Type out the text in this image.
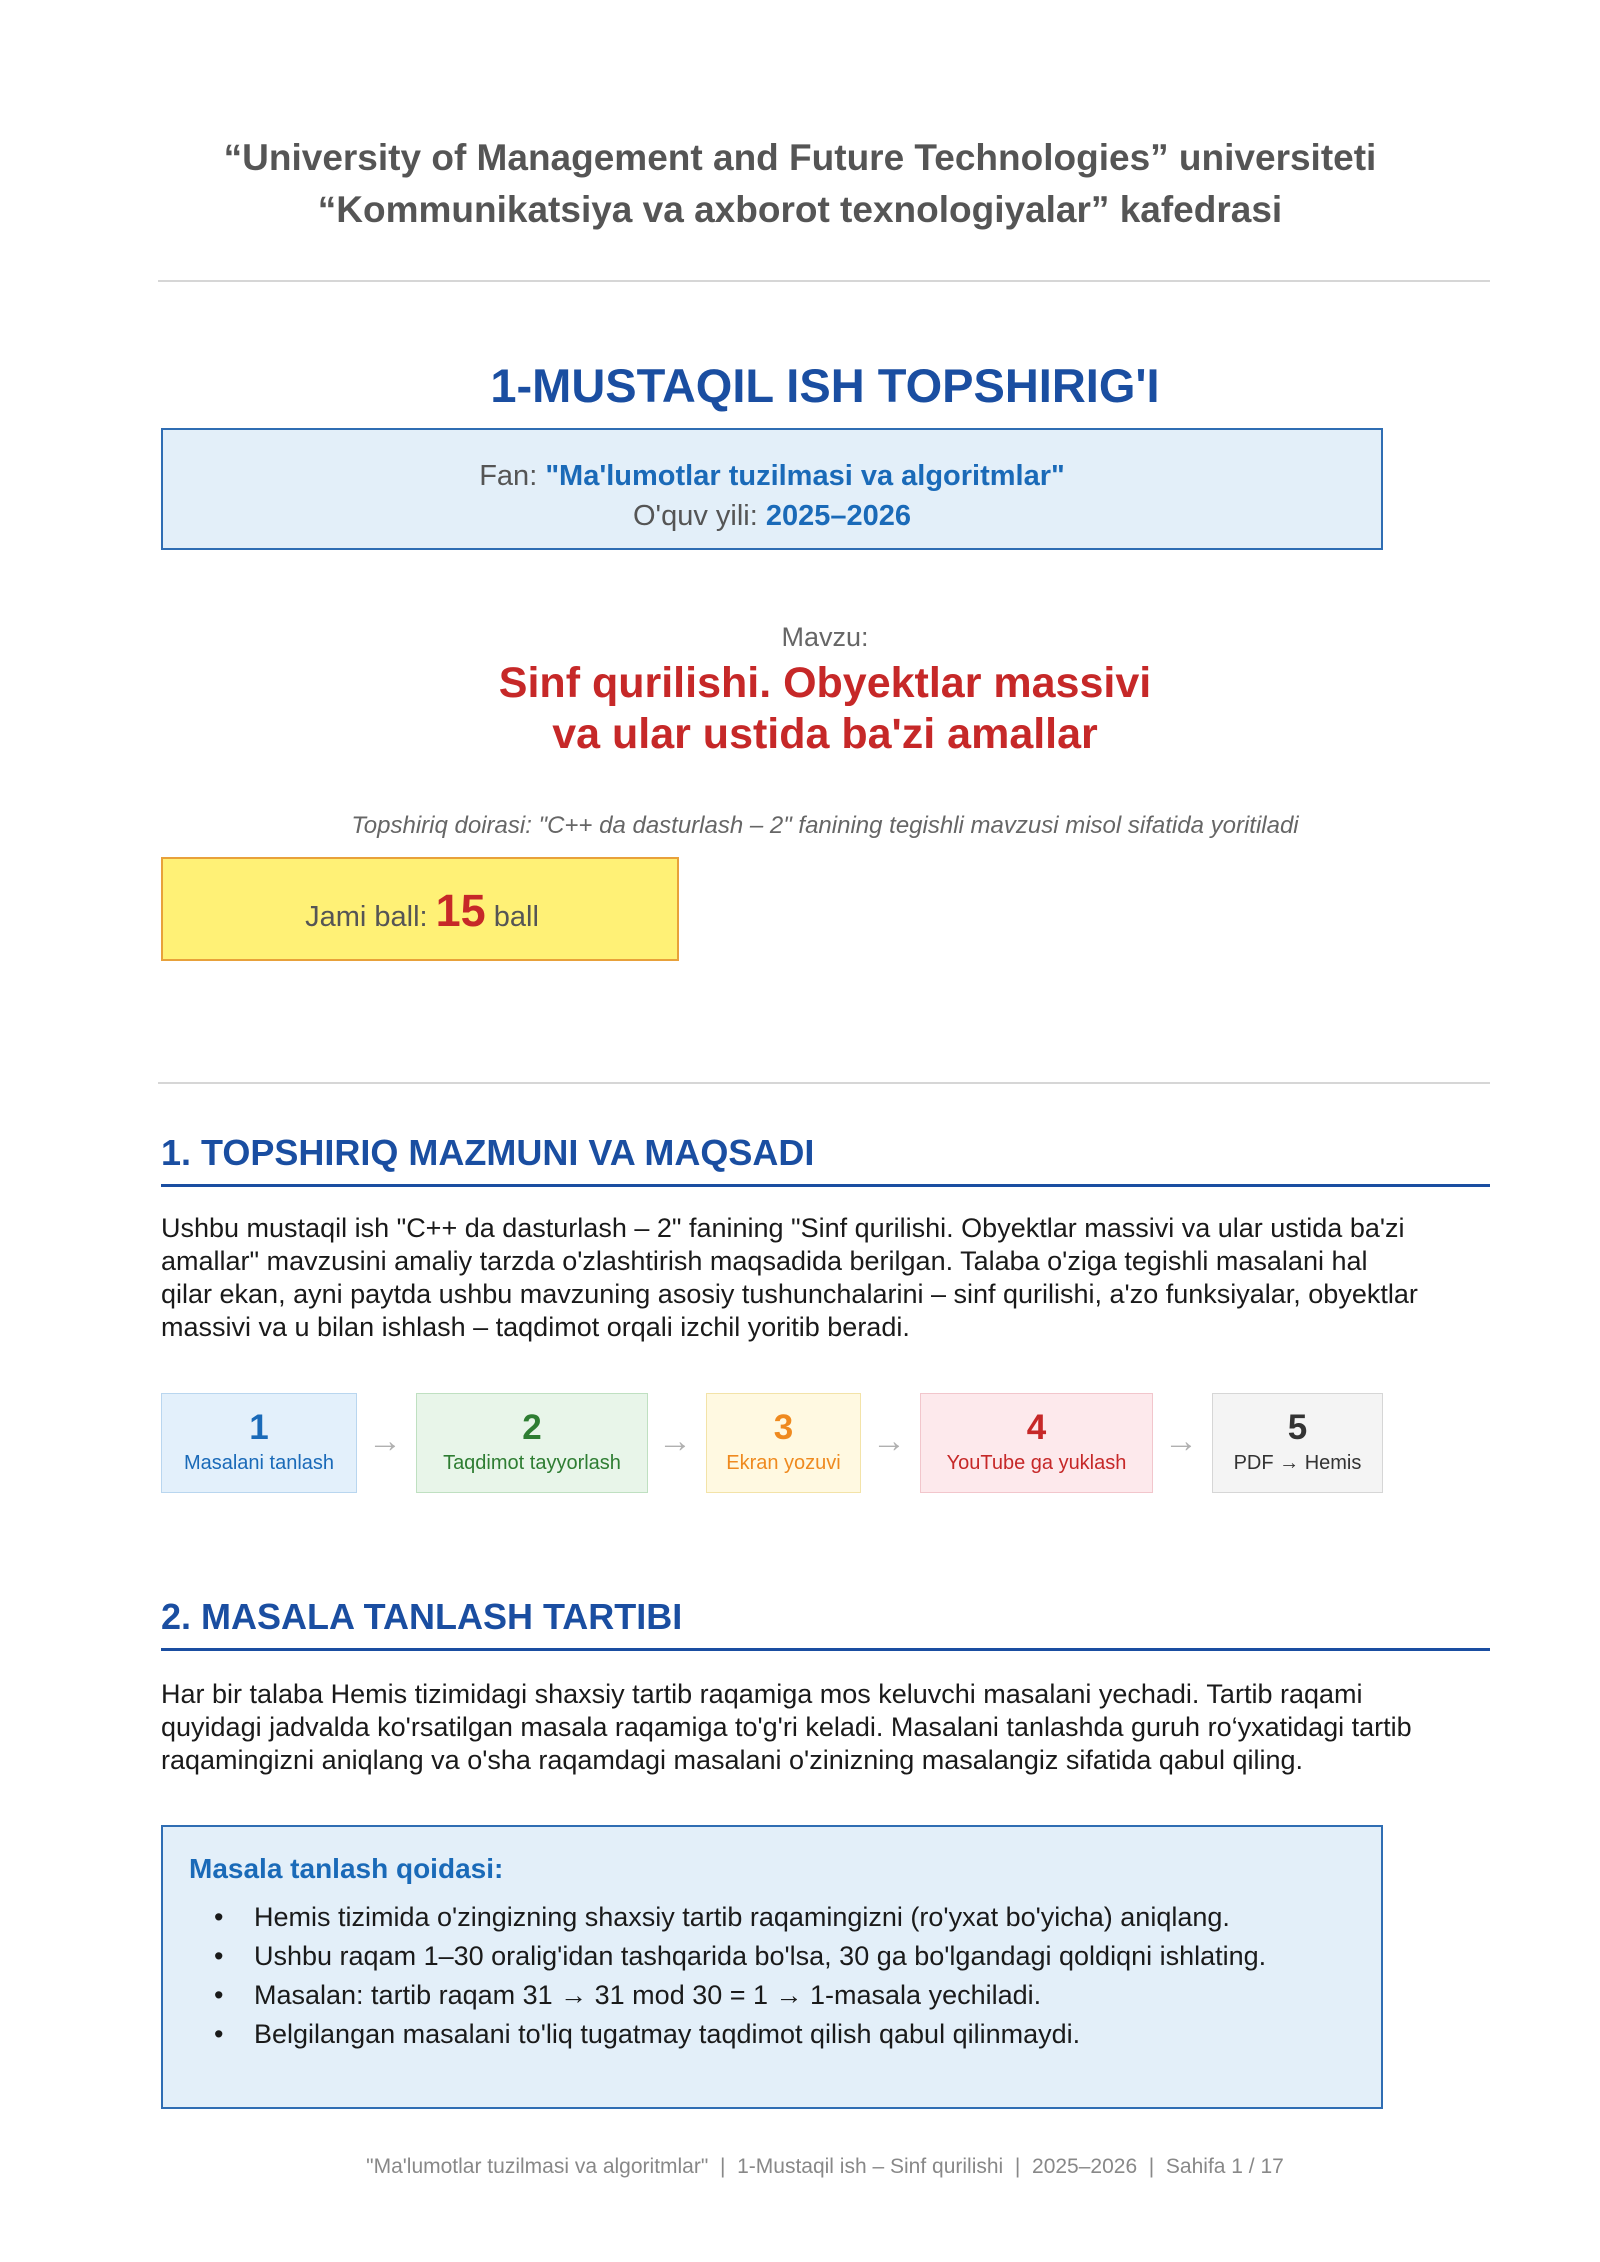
“University of Management and Future Technologies” universiteti
“Kommunikatsiya va axborot texnologiyalar” kafedrasi
1-MUSTAQIL ISH TOPSHIRIG'I
Fan: "Ma'lumotlar tuzilmasi va algoritmlar"
O'quv yili: 2025–2026
Mavzu:
Sinf qurilishi. Obyektlar massivi
va ular ustida ba'zi amallar
Topshiriq doirasi: "C++ da dasturlash – 2" fanining tegishli mavzusi misol sifatida yoritiladi
Jami ball: 15 ball
1. TOPSHIRIQ MAZMUNI VA MAQSADI
Ushbu mustaqil ish "C++ da dasturlash – 2" fanining "Sinf qurilishi. Obyektlar massivi va ular ustida ba'zi
amallar" mavzusini amaliy tarzda o'zlashtirish maqsadida berilgan. Talaba o'ziga tegishli masalani hal
qilar ekan, ayni paytda ushbu mavzuning asosiy tushunchalarini – sinf qurilishi, a'zo funksiyalar, obyektlar
massivi va u bilan ishlash – taqdimot orqali izchil yoritib beradi.
1
Masalani tanlash
→	2
Taqdimot tayyorlash
→	3
Ekran yozuvi
→	4
YouTube ga yuklash
→	5
PDF → Hemis
2. MASALA TANLASH TARTIBI
Har bir talaba Hemis tizimidagi shaxsiy tartib raqamiga mos keluvchi masalani yechadi. Tartib raqami
quyidagi jadvalda ko'rsatilgan masala raqamiga to'g'ri keladi. Masalani tanlashda guruh ro‘yxatidagi tartib
raqamingizni aniqlang va o'sha raqamdagi masalani o'zinizning masalangiz sifatida qabul qiling.
Masala tanlash qoidasi:
• Hemis tizimida o'zingizning shaxsiy tartib raqamingizni (ro'yxat bo'yicha) aniqlang.
• Ushbu raqam 1–30 oralig'idan tashqarida bo'lsa, 30 ga bo'lgandagi qoldiqni ishlating.
• Masalan: tartib raqam 31 → 31 mod 30 = 1 → 1-masala yechiladi.
• Belgilangan masalani to'liq tugatmay taqdimot qilish qabul qilinmaydi.
"Ma'lumotlar tuzilmasi va algoritmlar"  |  1-Mustaqil ish – Sinf qurilishi  |  2025–2026  |  Sahifa 1 / 17
